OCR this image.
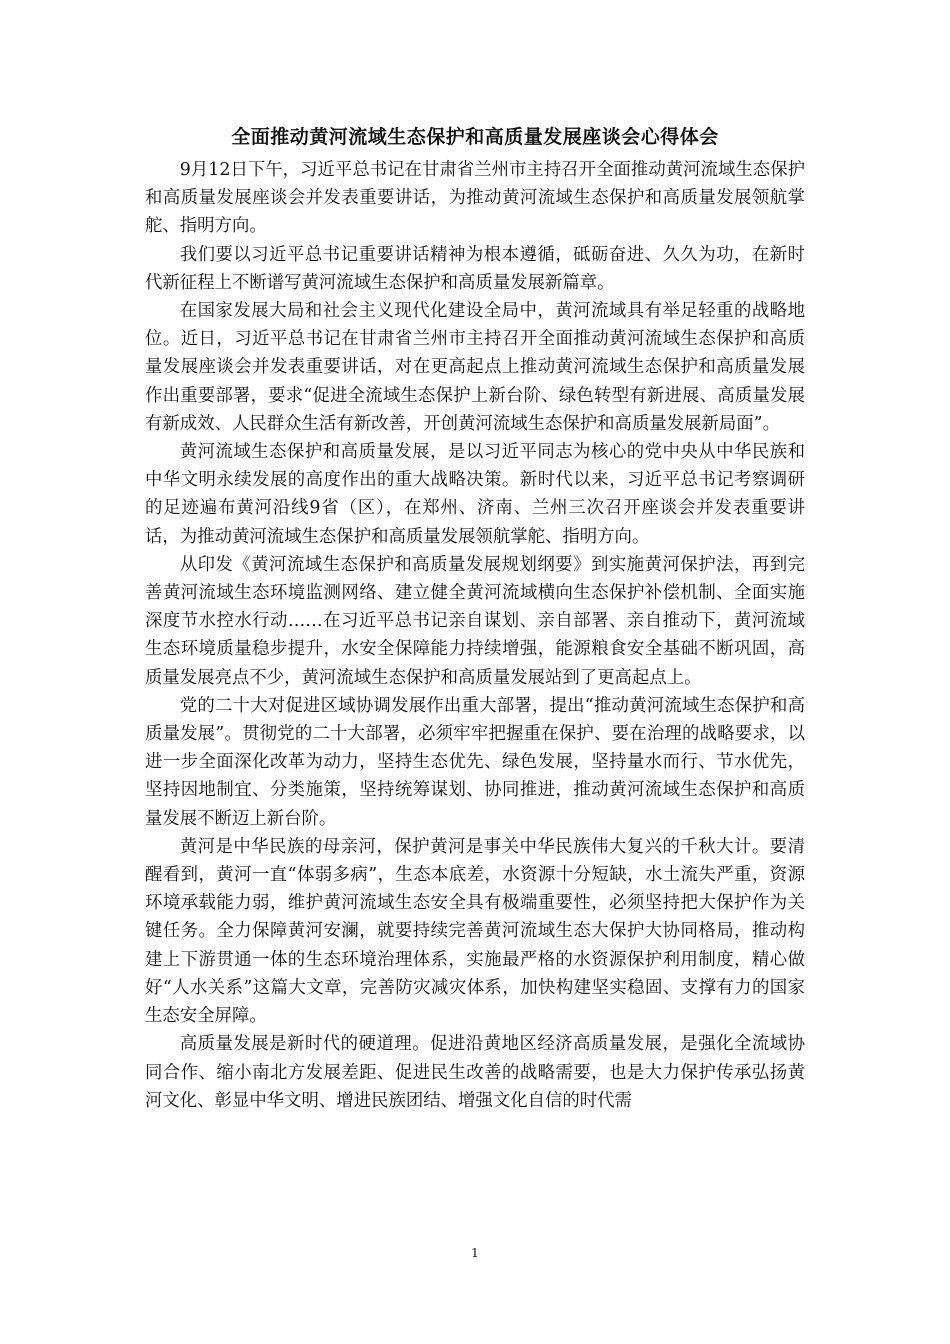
全面推动黄河流域生态保护和高质量发展座谈会心得体会

9月12日下午，习近平总书记在甘肃省兰州市主持召开全面推动黄河流域生态保护和高质量发展座谈会并发表重要讲话，为推动黄河流域生态保护和高质量发展领航掌舵、指明方向。

我们要以习近平总书记重要讲话精神为根本遵循，砥砺奋进、久久为功，在新时代新征程上不断谱写黄河流域生态保护和高质量发展新篇章。

在国家发展大局和社会主义现代化建设全局中，黄河流域具有举足轻重的战略地位。近日，习近平总书记在甘肃省兰州市主持召开全面推动黄河流域生态保护和高质量发展座谈会并发表重要讲话，对在更高起点上推动黄河流域生态保护和高质量发展作出重要部署，要求“促进全流域生态保护上新台阶、绿色转型有新进展、高质量发展有新成效、人民群众生活有新改善，开创黄河流域生态保护和高质量发展新局面”。

黄河流域生态保护和高质量发展，是以习近平同志为核心的党中央从中华民族和中华文明永续发展的高度作出的重大战略决策。新时代以来，习近平总书记考察调研的足迹遍布黄河沿线9省（区），在郑州、济南、兰州三次召开座谈会并发表重要讲话，为推动黄河流域生态保护和高质量发展领航掌舵、指明方向。

从印发《黄河流域生态保护和高质量发展规划纲要》到实施黄河保护法，再到完善黄河流域生态环境监测网络、建立健全黄河流域横向生态保护补偿机制、全面实施深度节水控水行动……在习近平总书记亲自谋划、亲自部署、亲自推动下，黄河流域生态环境质量稳步提升，水安全保障能力持续增强，能源粮食安全基础不断巩固，高质量发展亮点不少，黄河流域生态保护和高质量发展站到了更高起点上。

党的二十大对促进区域协调发展作出重大部署，提出“推动黄河流域生态保护和高质量发展”。贯彻党的二十大部署，必须牢牢把握重在保护、要在治理的战略要求，以进一步全面深化改革为动力，坚持生态优先、绿色发展，坚持量水而行、节水优先，坚持因地制宜、分类施策，坚持统筹谋划、协同推进，推动黄河流域生态保护和高质量发展不断迈上新台阶。

黄河是中华民族的母亲河，保护黄河是事关中华民族伟大复兴的千秋大计。要清醒看到，黄河一直“体弱多病”，生态本底差，水资源十分短缺，水土流失严重，资源环境承载能力弱，维护黄河流域生态安全具有极端重要性，必须坚持把大保护作为关键任务。全力保障黄河安澜，就要持续完善黄河流域生态大保护大协同格局，推动构建上下游贯通一体的生态环境治理体系，实施最严格的水资源保护利用制度，精心做好“人水关系”这篇大文章，完善防灾减灾体系，加快构建坚实稳固、支撑有力的国家生态安全屏障。

高质量发展是新时代的硬道理。促进沿黄地区经济高质量发展，是强化全流域协同合作、缩小南北方发展差距、促进民生改善的战略需要，也是大力保护传承弘扬黄河文化、彰显中华文明、增进民族团结、增强文化自信的时代需

1
